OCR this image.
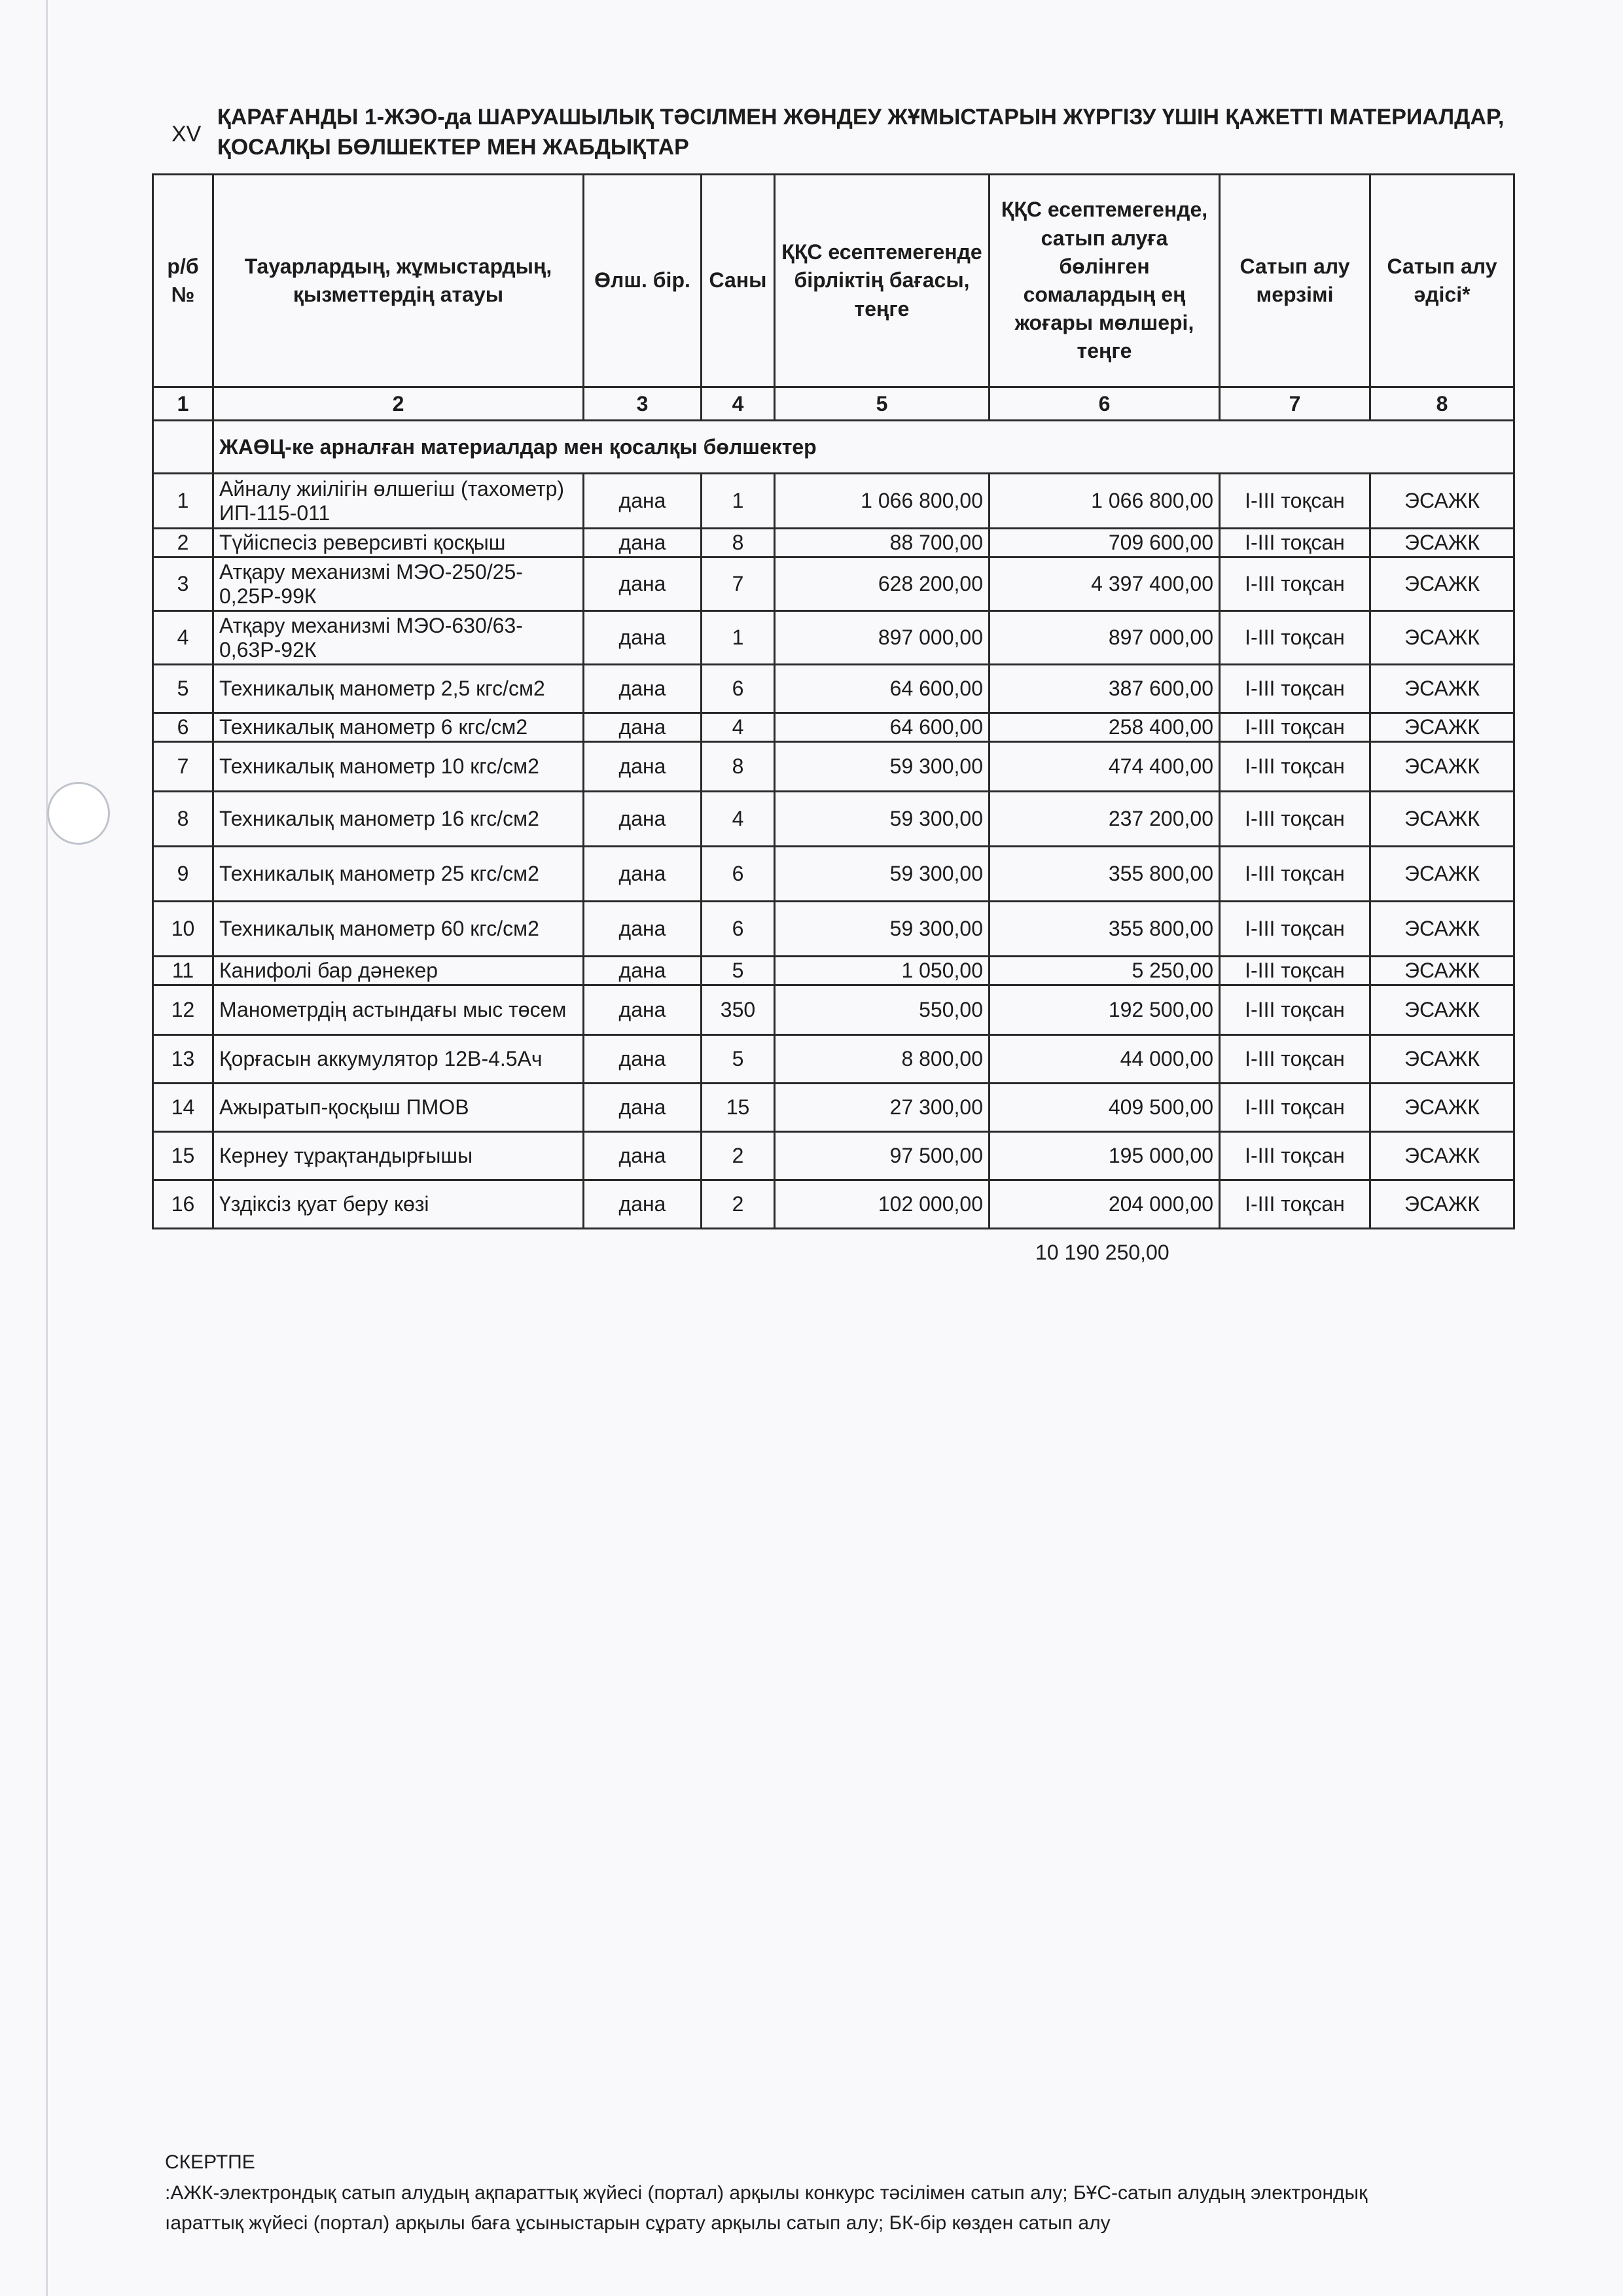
XV
ҚАРАҒАНДЫ 1-ЖЭО-да ШАРУАШЫЛЫҚ ТӘСІЛМЕН ЖӨНДЕУ ЖҰМЫСТАРЫН ЖҮРГІЗУ ҮШІН ҚАЖЕТТІ МАТЕРИАЛДАР,
ҚОСАЛҚЫ БӨЛШЕКТЕР МЕН ЖАБДЫҚТАР
р/б №	Тауарлардың, жұмыстардың, қызметтердің атауы	Өлш. бір.	Саны	ҚҚС есептемегенде бірліктің бағасы, теңге	ҚҚС есептемегенде, сатып алуға бөлінген сомалардың ең жоғары мөлшері, теңге	Сатып алу мерзімі	Сатып алу әдісі*
1	2	3	4	5	6	7	8
	ЖАӨЦ-ке арналған материалдар мен қосалқы бөлшектер						
1	Айналу жиілігін өлшегіш (тахометр) ИП-115-011	дана	1	1 066 800,00	1 066 800,00	I-III тоқсан	ЭСАЖК
2	Түйіспесіз реверсивті қосқыш	дана	8	88 700,00	709 600,00	I-III тоқсан	ЭСАЖК
3	Атқару механизмі МЭО-250/25-0,25Р-99К	дана	7	628 200,00	4 397 400,00	I-III тоқсан	ЭСАЖК
4	Атқару механизмі МЭО-630/63-0,63Р-92К	дана	1	897 000,00	897 000,00	I-III тоқсан	ЭСАЖК
5	Техникалық манометр 2,5 кгс/см2	дана	6	64 600,00	387 600,00	I-III тоқсан	ЭСАЖК
6	Техникалық манометр 6 кгс/см2	дана	4	64 600,00	258 400,00	I-III тоқсан	ЭСАЖК
7	Техникалық манометр 10 кгс/см2	дана	8	59 300,00	474 400,00	I-III тоқсан	ЭСАЖК
8	Техникалық манометр 16 кгс/см2	дана	4	59 300,00	237 200,00	I-III тоқсан	ЭСАЖК
9	Техникалық манометр 25 кгс/см2	дана	6	59 300,00	355 800,00	I-III тоқсан	ЭСАЖК
10	Техникалық манометр 60 кгс/см2	дана	6	59 300,00	355 800,00	I-III тоқсан	ЭСАЖК
11	Канифолі бар дәнекер	дана	5	1 050,00	5 250,00	I-III тоқсан	ЭСАЖК
12	Манометрдің астындағы мыс төсем	дана	350	550,00	192 500,00	I-III тоқсан	ЭСАЖК
13	Қорғасын аккумулятор 12В-4.5Ач	дана	5	8 800,00	44 000,00	I-III тоқсан	ЭСАЖК
14	Ажыратып-қосқыш ПМОВ	дана	15	27 300,00	409 500,00	I-III тоқсан	ЭСАЖК
15	Кернеу тұрақтандырғышы	дана	2	97 500,00	195 000,00	I-III тоқсан	ЭСАЖК
16	Үздіксіз қуат беру көзі	дана	2	102 000,00	204 000,00	I-III тоқсан	ЭСАЖК
10 190 250,00
СКЕРТПЕ
:АЖК-электрондық сатып алудың ақпараттық жүйесі (портал) арқылы конкурс тәсілімен сатып алу; БҰС-сатып алудың электрондық
ıараттық жүйесі (портал) арқылы баға ұсыныстарын сұрату арқылы сатып алу; БК-бір көзден сатып алу
